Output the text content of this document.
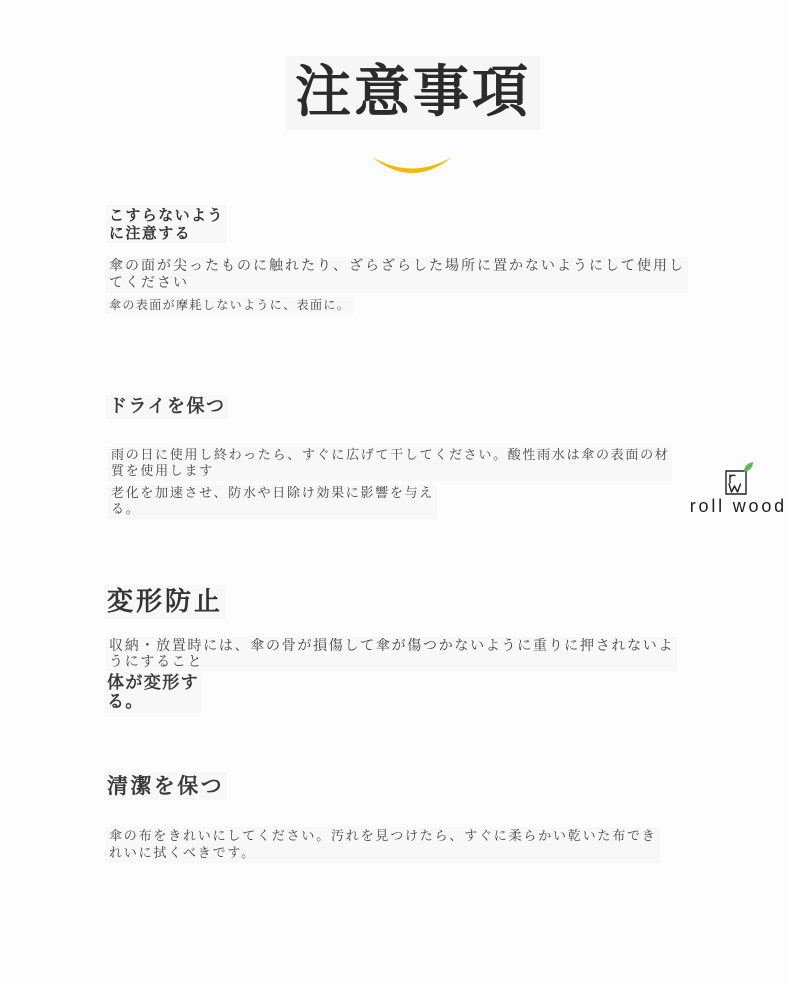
注意事項
こすらないよう
に注意する
傘の面が尖ったものに触れたり、ざらざらした場所に置かないようにして使用し
てください
傘の表面が摩耗しないように、表面に。
ドライを保つ
雨の日に使用し終わったら、すぐに広げて干してください。酸性雨水は傘の表面の材
質を使用します
老化を加速させ、防水や日除け効果に影響を与え
る。
変形防止
収納・放置時には、傘の骨が損傷して傘が傷つかないように重りに押されないよ
うにすること
体が変形す
る。
清潔を保つ
傘の布をきれいにしてください。汚れを見つけたら、すぐに柔らかい乾いた布でき
れいに拭くべきです。
roll wood
